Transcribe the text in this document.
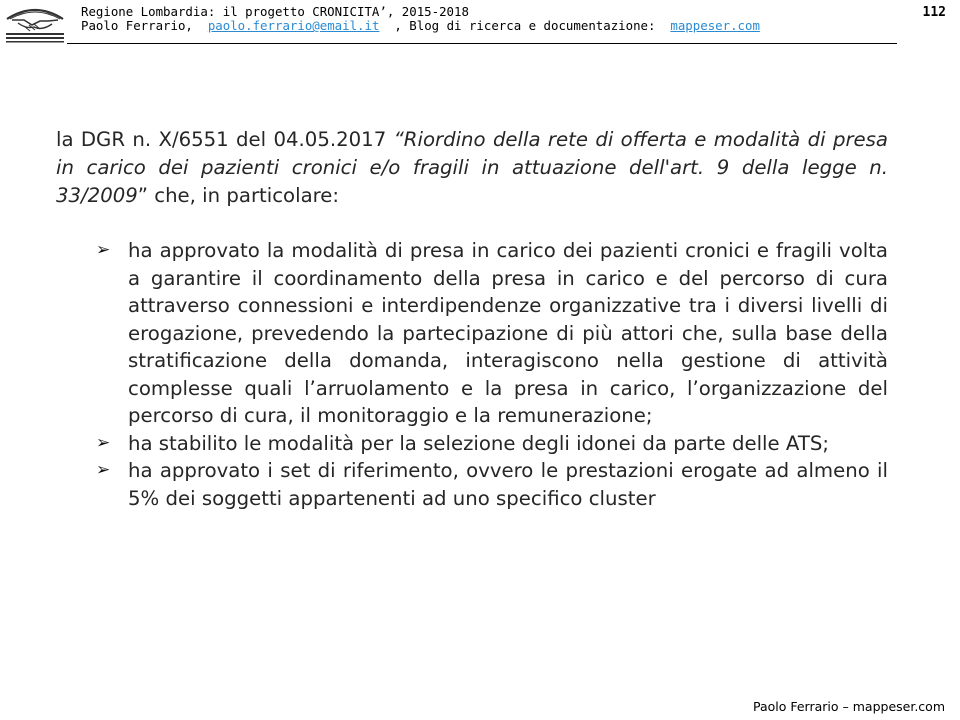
Regione Lombardia: il progetto CRONICITA’, 2015-2018
Paolo Ferrario, paolo.ferrario@email.it , Blog di ricerca e documentazione: mappeser.com
112
la DGR n. X/6551 del 04.05.2017 “Riordino della rete di offerta e modalità di presa in carico dei pazienti cronici e/o fragili in attuazione dell'art. 9 della legge n. 33/2009” che, in particolare:
➢ ha approvato la modalità di presa in carico dei pazienti cronici e fragili volta a garantire il coordinamento della presa in carico e del percorso di cura attraverso connessioni e interdipendenze organizzative tra i diversi livelli di erogazione, prevedendo la partecipazione di più attori che, sulla base della stratificazione della domanda, interagiscono nella gestione di attività complesse quali l’arruolamento e la presa in carico, l’organizzazione del percorso di cura, il monitoraggio e la remunerazione;
➢ ha stabilito le modalità per la selezione degli idonei da parte delle ATS;
➢ ha approvato i set di riferimento, ovvero le prestazioni erogate ad almeno il 5% dei soggetti appartenenti ad uno specifico cluster
Paolo Ferrario – mappeser.com
